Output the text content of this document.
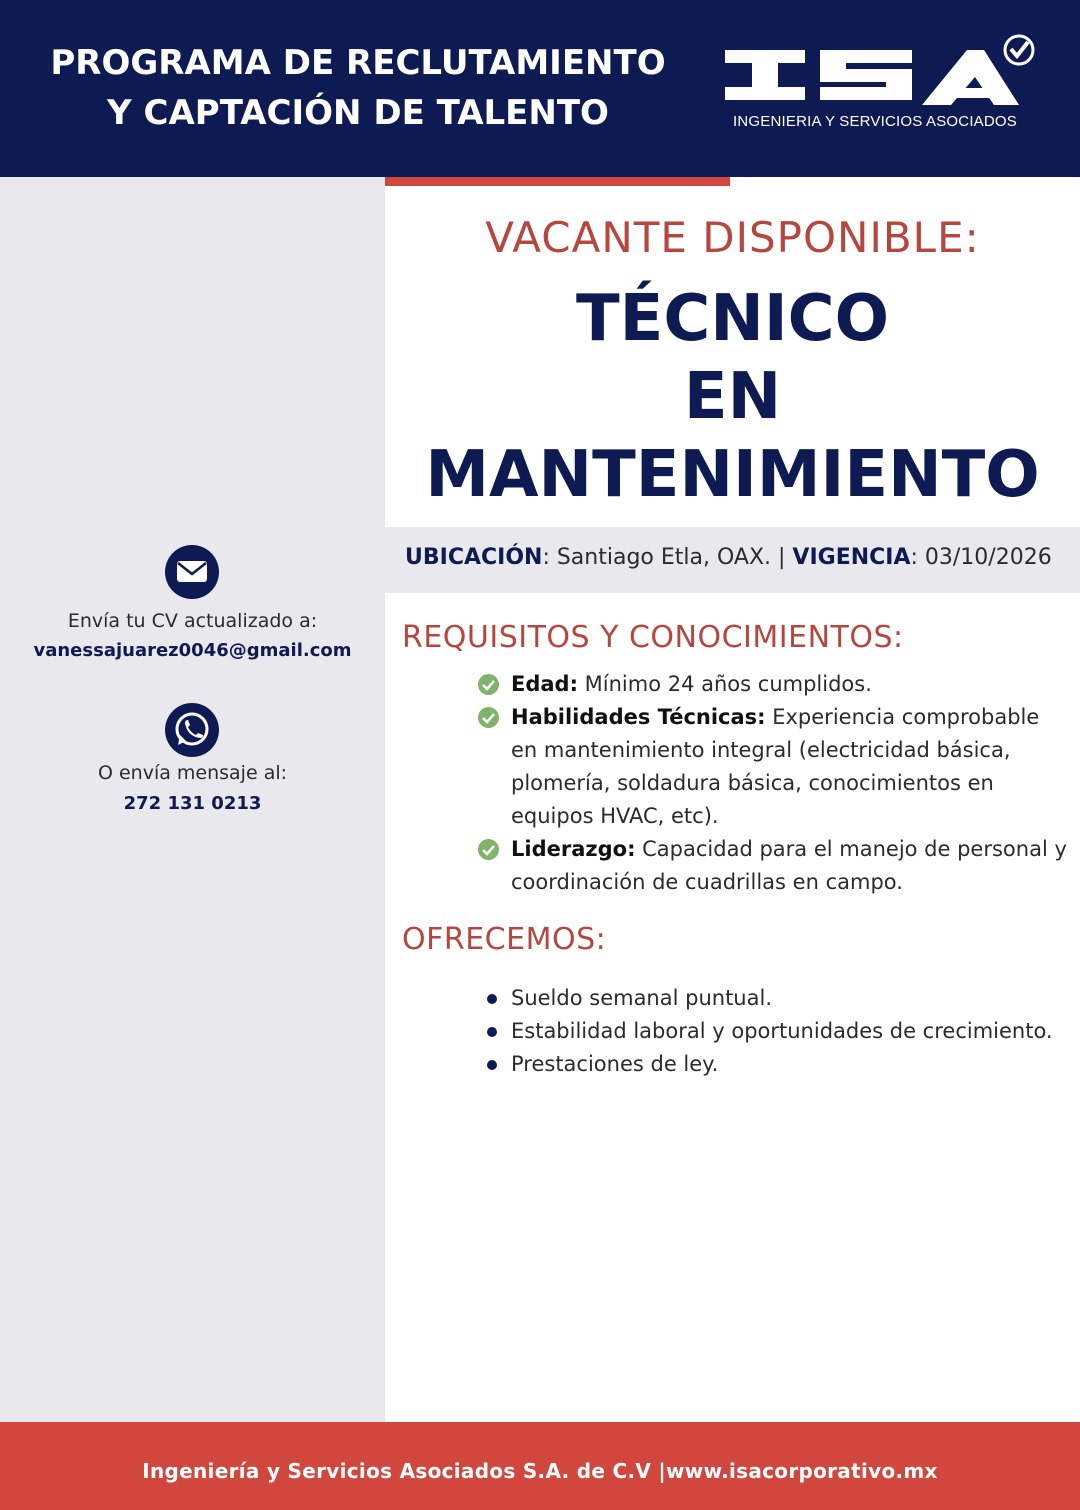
PROGRAMA DE RECLUTAMIENTO
Y CAPTACIÓN DE TALENTO	INGENIERIA Y SERVICIOS ASOCIADOS
Envía tu CV actualizado a:
vanessajuarez0046@gmail.com
O envía mensaje al:
272 131 0213
VACANTE DISPONIBLE:
TÉCNICO
EN
MANTENIMIENTO
UBICACIÓN: Santiago Etla, OAX. | VIGENCIA: 03/10/2026
REQUISITOS Y CONOCIMIENTOS:
Edad: Mínimo 24 años cumplidos.
Habilidades Técnicas: Experiencia comprobable en mantenimiento integral (electricidad básica, plomería, soldadura básica, conocimientos en equipos HVAC, etc).
Liderazgo: Capacidad para el manejo de personal y coordinación de cuadrillas en campo.
OFRECEMOS:
Sueldo semanal puntual.
Estabilidad laboral y oportunidades de crecimiento.
Prestaciones de ley.
Ingeniería y Servicios Asociados S.A. de C.V |www.isacorporativo.mx
